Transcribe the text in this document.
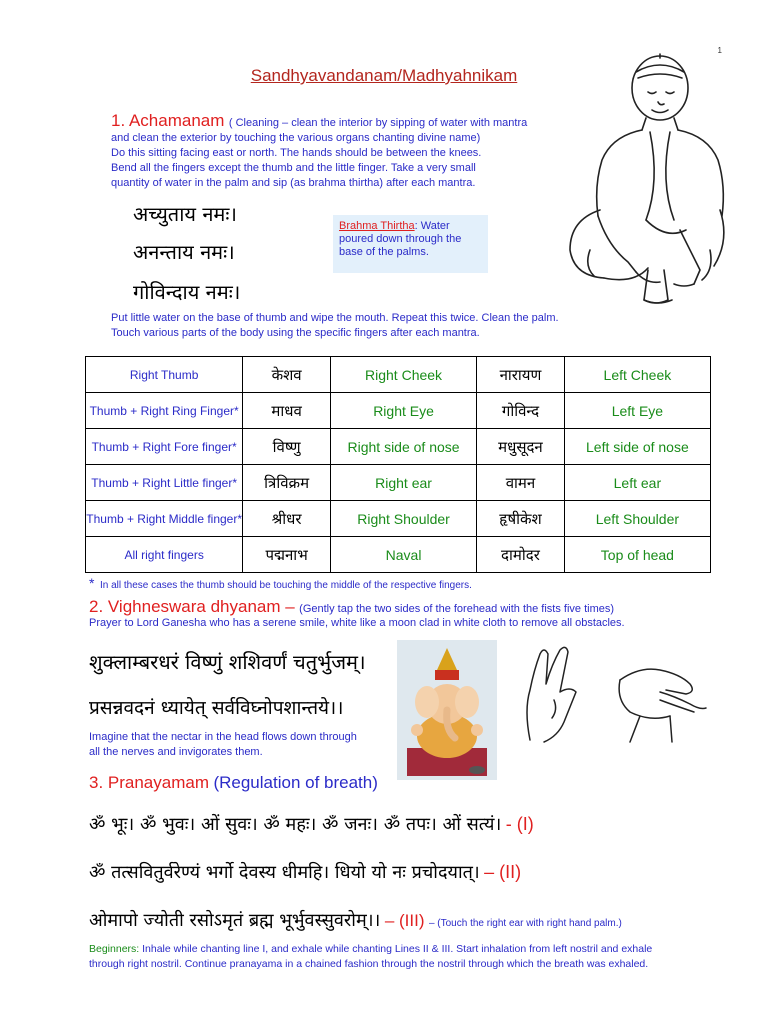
1
Sandhyavandanam/Madhyahnikam
1. Achamanam ( Cleaning – clean the interior by sipping of water with mantra
and clean the exterior by touching the various organs chanting divine name)
Do this sitting facing east or north. The hands should be between the knees.
Bend all the fingers except the thumb and the little finger. Take a very small
quantity of water in the palm and sip (as brahma thirtha) after each mantra.
अच्युताय नमः।
अनन्ताय नमः।
गोविन्दाय नमः।
Brahma Thirtha: Water poured down through the base of the palms.
Put little water on the base of thumb and wipe the mouth. Repeat this twice. Clean the palm.
Touch various parts of the body using the specific fingers after each mantra.
Right Thumb	केशव	Right Cheek	नारायण	Left Cheek
Thumb + Right Ring Finger*	माधव	Right Eye	गोविन्द	Left Eye
Thumb + Right Fore finger*	विष्णु	Right side of nose	मधुसूदन	Left side of nose
Thumb + Right Little finger*	त्रिविक्रम	Right ear	वामन	Left ear
Thumb + Right Middle finger*	श्रीधर	Right Shoulder	हृषीकेश	Left Shoulder
All right fingers	पद्मनाभ	Naval	दामोदर	Top of head
* In all these cases the thumb should be touching the middle of the respective fingers.
2. Vighneswara dhyanam – (Gently tap the two sides of the forehead with the fists five times)
Prayer to Lord Ganesha who has a serene smile, white like a moon clad in white cloth to remove all obstacles.
शुक्लाम्बरधरं विष्णुं शशिवर्णं चतुर्भुजम्।
प्रसन्नवदनं ध्यायेत् सर्वविघ्नोपशान्तये।।
Imagine that the nectar in the head flows down through
all the nerves and invigorates them.
3. Pranayamam (Regulation of breath)
ॐ भूः। ॐ भुवः। ओं सुवः। ॐ महः। ॐ जनः। ॐ तपः। ओं सत्यं। - (I)
ॐ तत्सवितुर्वरेण्यं भर्गो देवस्य धीमहि। धियो यो नः प्रचोदयात्। – (II)
ओमापो ज्योती रसोऽमृतं ब्रह्म भूर्भुवस्सुवरोम्।। – (III) – (Touch the right ear with right hand palm.)
Beginners: Inhale while chanting line I, and exhale while chanting Lines II & III. Start inhalation from left nostril and exhale
through right nostril. Continue pranayama in a chained fashion through the nostril through which the breath was exhaled.
